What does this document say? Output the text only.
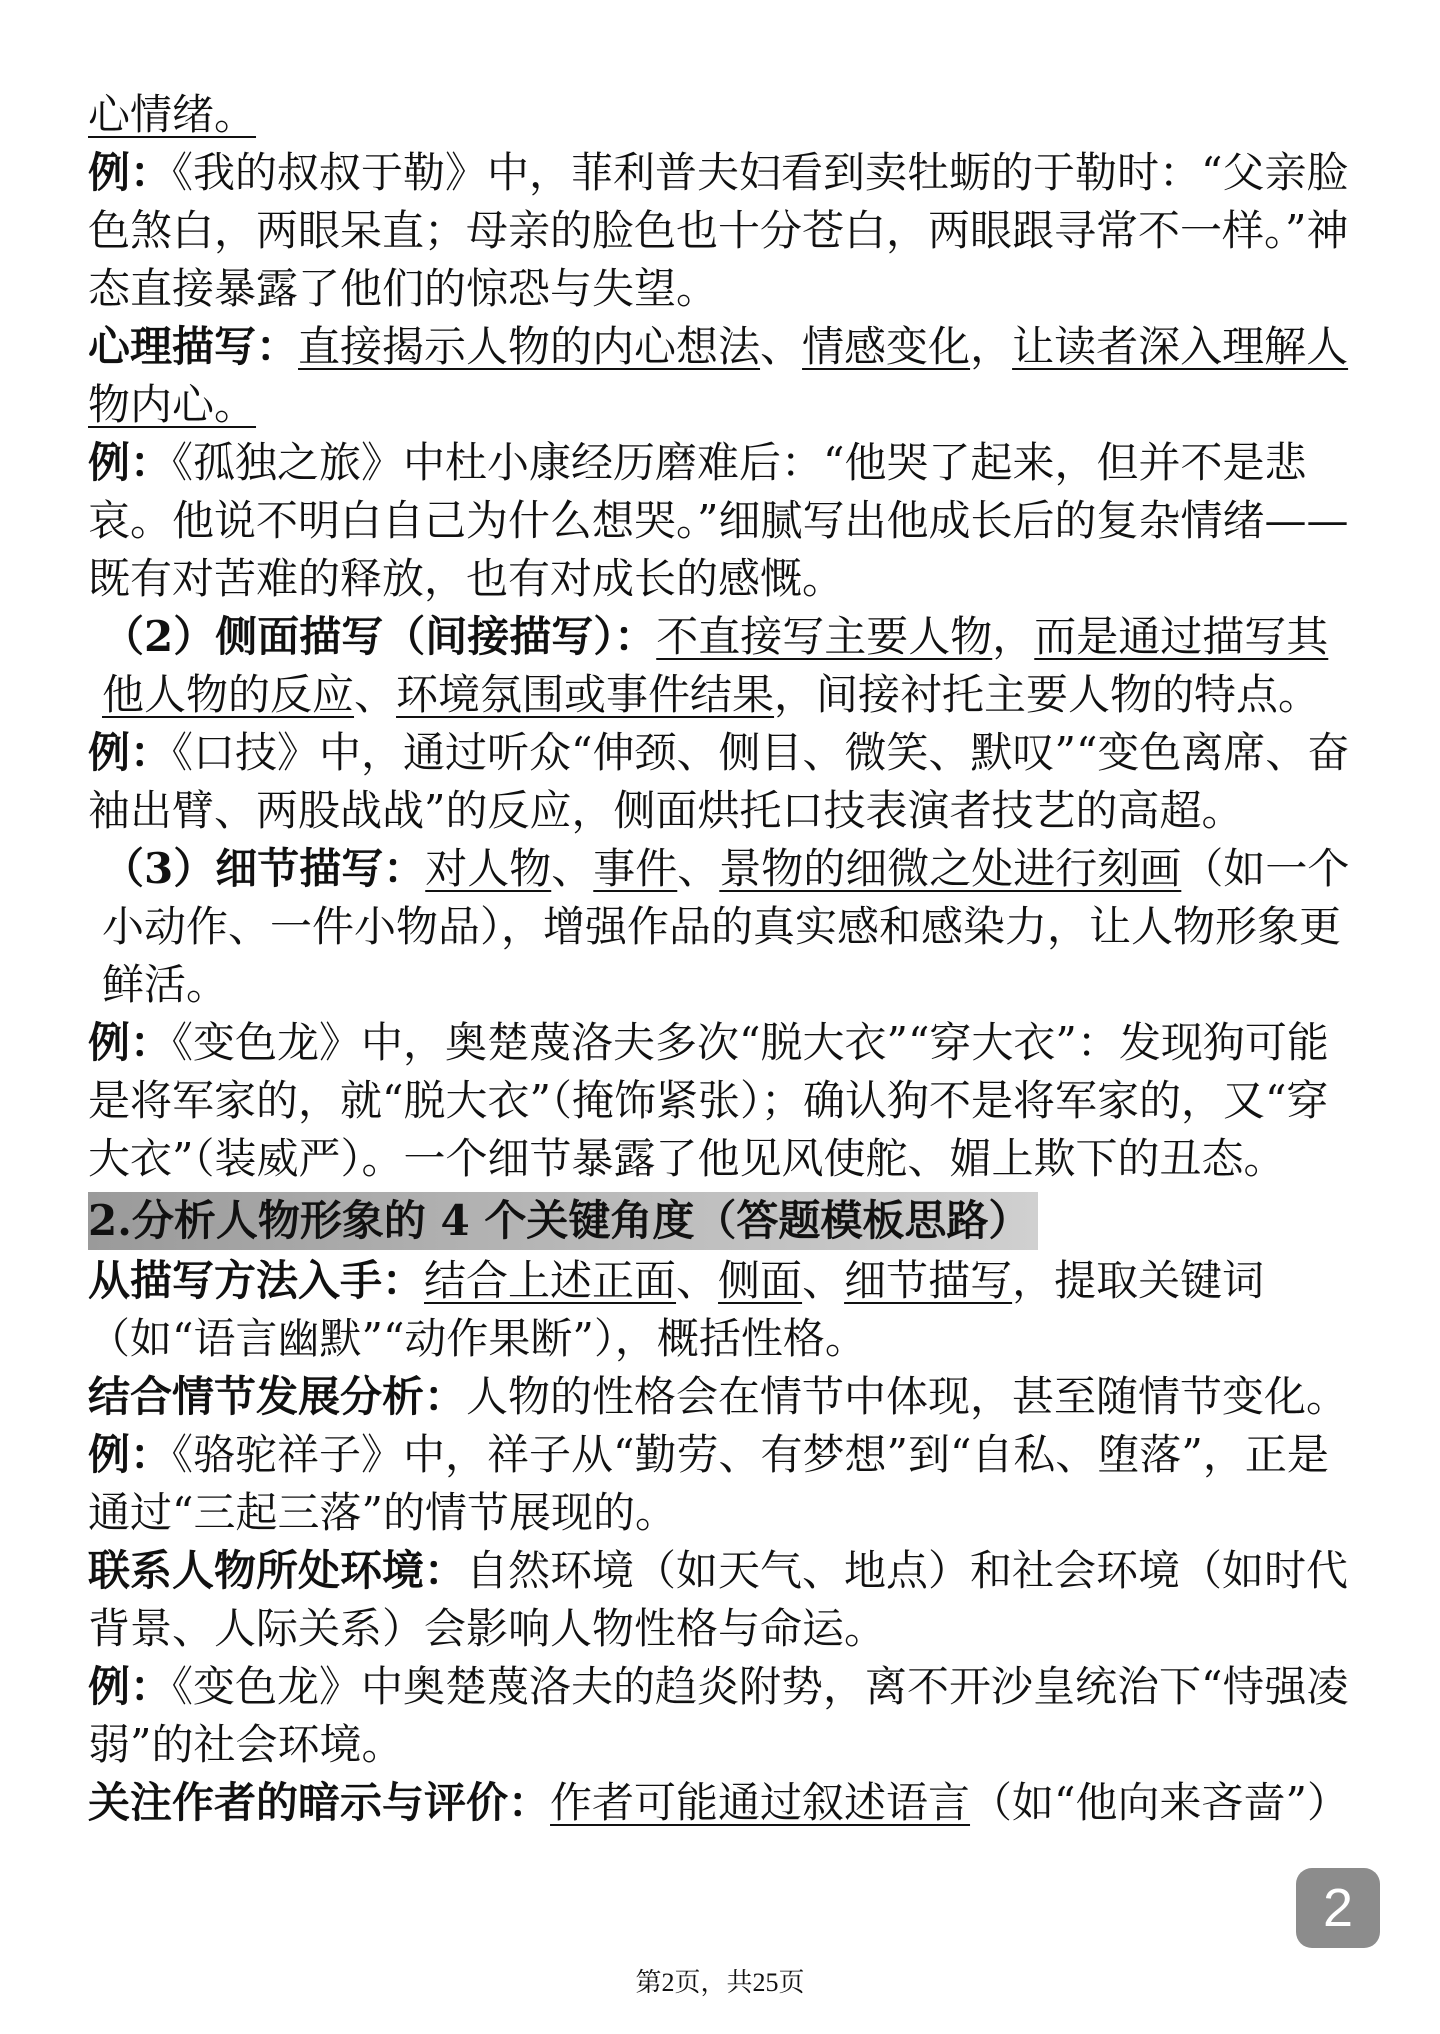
心情绪。

例：《我的叔叔于勒》中，菲利普夫妇看到卖牡蛎的于勒时：“父亲脸色煞白，两眼呆直；母亲的脸色也十分苍白，两眼跟寻常不一样。”神态直接暴露了他们的惊恐与失望。

心理描写：直接揭示人物的内心想法、情感变化，让读者深入理解人物内心。

例：《孤独之旅》中杜小康经历磨难后：“他哭了起来，但并不是悲哀。他说不明白自己为什么想哭。”细腻写出他成长后的复杂情绪——既有对苦难的释放，也有对成长的感慨。

（2）侧面描写（间接描写）：不直接写主要人物，而是通过描写其他人物的反应、环境氛围或事件结果，间接衬托主要人物的特点。

例：《口技》中，通过听众“伸颈、侧目、微笑、默叹”“变色离席、奋袖出臂、两股战战”的反应，侧面烘托口技表演者技艺的高超。

（3）细节描写：对人物、事件、景物的细微之处进行刻画（如一个小动作、一件小物品），增强作品的真实感和感染力，让人物形象更鲜活。

例：《变色龙》中，奥楚蔑洛夫多次“脱大衣”“穿大衣”：发现狗可能是将军家的，就“脱大衣”（掩饰紧张）；确认狗不是将军家的，又“穿大衣”（装威严）。一个细节暴露了他见风使舵、媚上欺下的丑态。

2.分析人物形象的 4 个关键角度（答题模板思路）

从描写方法入手：结合上述正面、侧面、细节描写，提取关键词（如“语言幽默”“动作果断”），概括性格。

结合情节发展分析：人物的性格会在情节中体现，甚至随情节变化。

例：《骆驼祥子》中，祥子从“勤劳、有梦想”到“自私、堕落”，正是通过“三起三落”的情节展现的。

联系人物所处环境：自然环境（如天气、地点）和社会环境（如时代背景、人际关系）会影响人物性格与命运。

例：《变色龙》中奥楚蔑洛夫的趋炎附势，离不开沙皇统治下“恃强凌弱”的社会环境。

关注作者的暗示与评价：作者可能通过叙述语言（如“他向来吝啬”）

2
第2页，共25页
